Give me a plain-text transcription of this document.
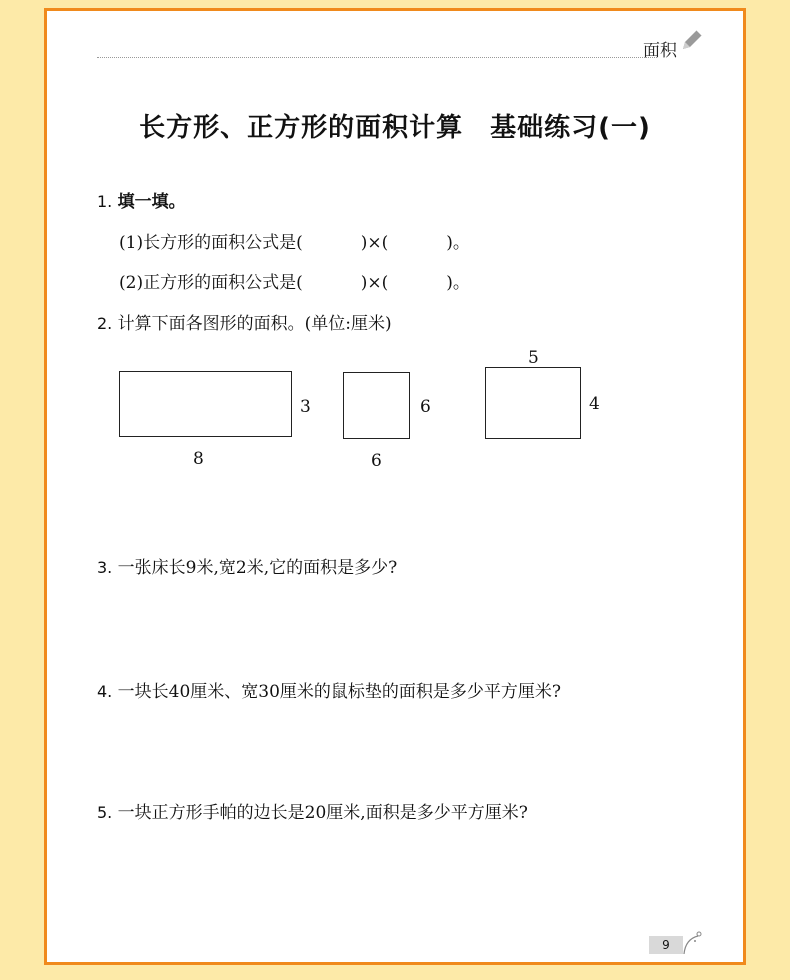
面积
长方形、正方形的面积计算　基础练习(一)
1. 填一填。
(1)长方形的面积公式是(	)×(	)。
(2)正方形的面积公式是(	)×(	)。
2. 计算下面各图形的面积。(单位:厘米)
3
8
6
6
5
4
3. 一张床长9米,宽2米,它的面积是多少?
4. 一块长40厘米、宽30厘米的鼠标垫的面积是多少平方厘米?
5. 一块正方形手帕的边长是20厘米,面积是多少平方厘米?
9
